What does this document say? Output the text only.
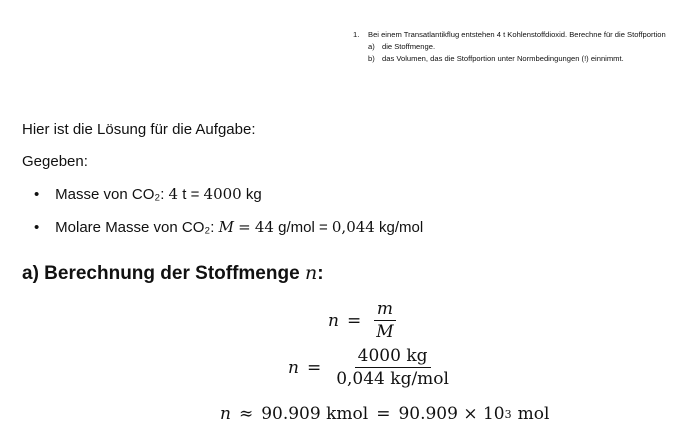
1. Bei einem Transatlantikflug entstehen 4 t Kohlenstoffdioxid. Berechne für die Stoffportion
a) die Stoffmenge.
b) das Volumen, das die Stoffportion unter Normbedingungen (!) einnimmt.
Hier ist die Lösung für die Aufgabe:
Gegeben:
• Masse von CO₂: 4 t = 4000 kg
• Molare Masse von CO₂: M = 44 g/mol = 0,044 kg/mol
a) Berechnung der Stoffmenge n:
$n = \frac{m}{M}$
$n = \frac{4000 kg}{\text{0,044 kg/mol}}$
n ≈ 90.909 kmol = 90.909 × 10 3 mol
